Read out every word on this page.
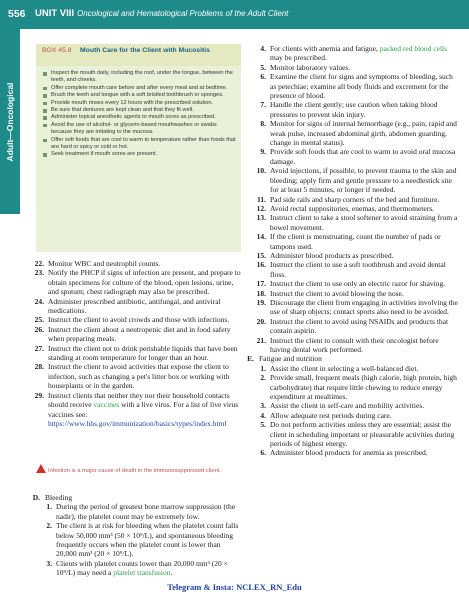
556 UNIT VIII Oncological and Hematological Problems of the Adult Client
Adult—Oncological
BOX 45.8 Mouth Care for the Client with Mucositis
Inspect the mouth daily, including the roof, under the tongue, between the teeth, and cheeks.
Offer complete mouth care before and after every meal and at bedtime.
Brush the teeth and tongue with a soft bristled toothbrush or sponges.
Provide mouth rinses every 12 hours with the prescribed solution.
Be sure that dentures are kept clean and that they fit well.
Administer topical anesthetic agents to mouth sores as prescribed.
Avoid the use of alcohol- or glycerin-based mouthwashes or swabs because they are irritating to the mucosa.
Offer soft foods that are cool to warm to temperature rather than foods that are hard or spicy or cold or hot.
Seek treatment if mouth sores are present.
22. Monitor WBC and neutrophil counts.
23. Notify the PHCP if signs of infection are present, and prepare to obtain specimens for culture of the blood, open lesions, urine, and sputum; chest radiograph may also be prescribed.
24. Administer prescribed antibiotic, antifungal, and antiviral medications.
25. Instruct the client to avoid crowds and those with infections.
26. Instruct the client about a neutropenic diet and in food safety when preparing meals.
27. Instruct the client not to drink perishable liquids that have been standing at room temperature for longer than an hour.
28. Instruct the client to avoid activities that expose the client to infection, such as changing a pet's litter box or working with houseplants or in the garden.
29. Instruct clients that neither they nor their household contacts should receive vaccines with a live virus. For a list of live virus vaccines see: https://www.hhs.gov/immunization/basics/types/index.html
Infection is a major cause of death in the immunosuppressed client.
D. Bleeding
1. During the period of greatest bone marrow suppression (the nadir), the platelet count may be extremely low.
2. The client is at risk for bleeding when the platelet count falls below 50,000 mm³ (50 × 10⁹/L), and spontaneous bleeding frequently occurs when the platelet count is lower than 20,000 mm³ (20 × 10⁹/L).
3. Clients with platelet counts lower than 20,000 mm³ (20 × 10⁹/L) may need a platelet transfusion.
4. For clients with anemia and fatigue, packed red blood cells may be prescribed.
5. Monitor laboratory values.
6. Examine the client for signs and symptoms of bleeding, such as petechiae; examine all body fluids and excrement for the presence of blood.
7. Handle the client gently; use caution when taking blood pressures to prevent skin injury.
8. Monitor for signs of internal hemorrhage (e.g., pain, rapid and weak pulse, increased abdominal girth, abdomen guarding, change in mental status).
9. Provide soft foods that are cool to warm to avoid oral mucosa damage.
10. Avoid injections, if possible, to prevent trauma to the skin and bleeding; apply firm and gentle pressure to a needlestick site for at least 5 minutes, or longer if needed.
11. Pad side rails and sharp corners of the bed and furniture.
12. Avoid rectal suppositories, enemas, and thermometers.
13. Instruct client to take a stool softener to avoid straining from a bowel movement.
14. If the client is menstruating, count the number of pads or tampons used.
15. Administer blood products as prescribed.
16. Instruct the client to use a soft toothbrush and avoid dental floss.
17. Instruct the client to use only an electric razor for shaving.
18. Instruct the client to avoid blowing the nose.
19. Discourage the client from engaging in activities involving the use of sharp objects; contact sports also need to be avoided.
20. Instruct the client to avoid using NSAIDs and products that contain aspirin.
21. Instruct the client to consult with their oncologist before having dental work performed.
E. Fatigue and nutrition
1. Assist the client in selecting a well-balanced diet.
2. Provide small, frequent meals (high calorie, high protein, high carbohydrate) that require little chewing to reduce energy expenditure at mealtimes.
3. Assist the client in self-care and mobility activities.
4. Allow adequate rest periods during care.
5. Do not perform activities unless they are essential; assist the client in scheduling important or pleasurable activities during periods of highest energy.
6. Administer blood products for anemia as prescribed.
Telegram & Insta: NCLEX_RN_Edu
